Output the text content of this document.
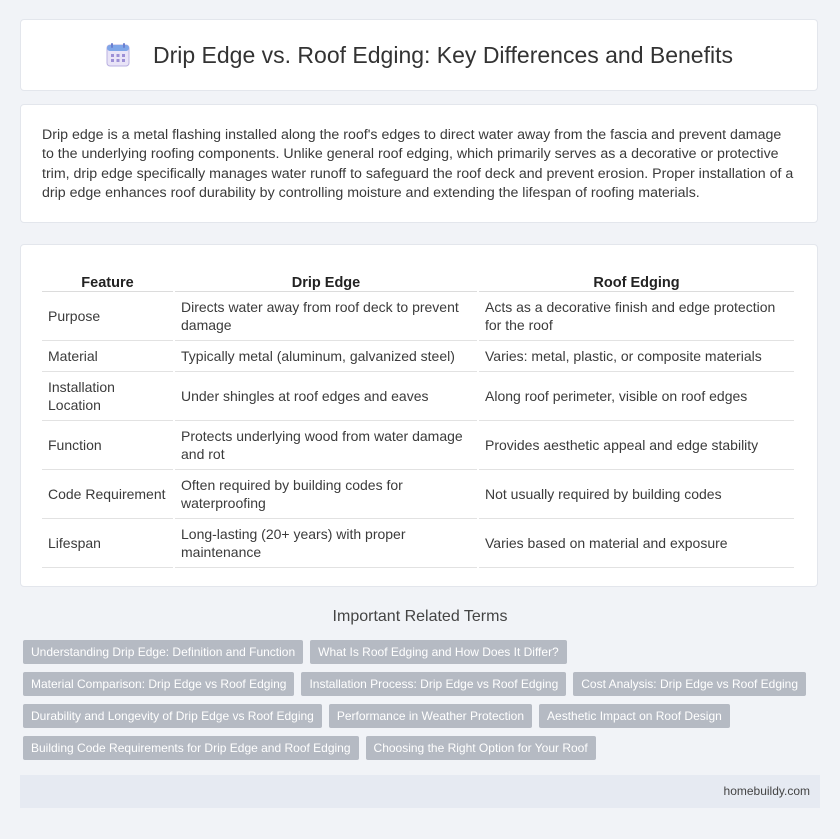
Drip Edge vs. Roof Edging: Key Differences and Benefits

Drip edge is a metal flashing installed along the roof's edges to direct water away from the fascia and prevent damage to the underlying roofing components. Unlike general roof edging, which primarily serves as a decorative or protective trim, drip edge specifically manages water runoff to safeguard the roof deck and prevent erosion. Proper installation of a drip edge enhances roof durability by controlling moisture and extending the lifespan of roofing materials.

Feature	Drip Edge	Roof Edging
Purpose	Directs water away from roof deck to prevent damage	Acts as a decorative finish and edge protection for the roof
Material	Typically metal (aluminum, galvanized steel)	Varies: metal, plastic, or composite materials
Installation Location	Under shingles at roof edges and eaves	Along roof perimeter, visible on roof edges
Function	Protects underlying wood from water damage and rot	Provides aesthetic appeal and edge stability
Code Requirement	Often required by building codes for waterproofing	Not usually required by building codes
Lifespan	Long-lasting (20+ years) with proper maintenance	Varies based on material and exposure
Important Related Terms
Understanding Drip Edge: Definition and Function	What Is Roof Edging and How Does It Differ?
Material Comparison: Drip Edge vs Roof Edging	Installation Process: Drip Edge vs Roof Edging	Cost Analysis: Drip Edge vs Roof Edging
Durability and Longevity of Drip Edge vs Roof Edging	Performance in Weather Protection	Aesthetic Impact on Roof Design
Building Code Requirements for Drip Edge and Roof Edging	Choosing the Right Option for Your Roof
homebuildy.com
